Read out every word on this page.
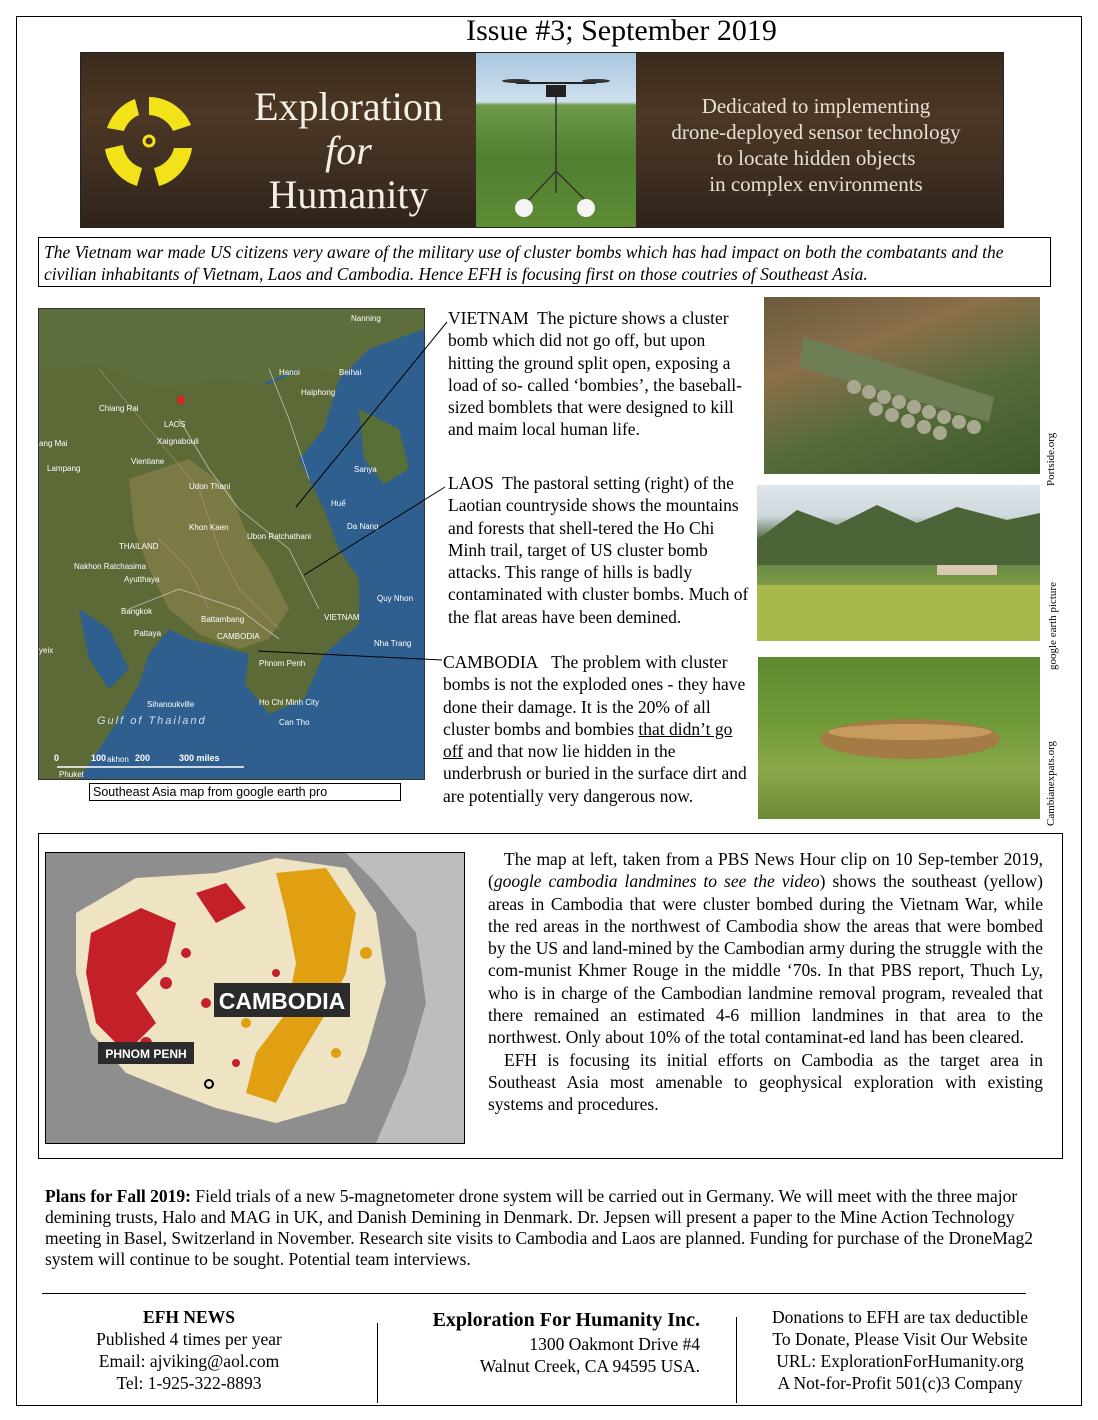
Issue #3; September 2019
Exploration
for
Humanity
Dedicated to implementing
drone-deployed sensor technology
to locate hidden objects
in complex environments
The Vietnam war made US citizens very aware of the military use of cluster bombs which has had impact on both the combatants and the civilian inhabitants of Vietnam, Laos and Cambodia. Hence EFH is focusing first on those coutries of Southeast Asia.
Nanning
Hanoi	Beihai
Haiphong
Chiang Rai
LAOS
Xaignabouli
ang Mai
Vientiane
Lampang	Sanya
Udon Thani
Huế
Da Nang
Khon Kaen
THAILAND
Ubon Ratchathani
Nakhon Ratchasima
Ayutthaya
Quy Nhon
Bangkok
Battambang	VIETNAM
Pattaya	CAMBODIA
Nha Trang
Phnom Penh
yeix
Sihanoukville	Ho Chi Minh City
Can Tho
Gulf of Thailand
Phuket
akhon
0	100	200	300 miles
Southeast Asia map from google earth pro
VIETNAM The picture shows a cluster bomb which did not go off, but upon hitting the ground split open, exposing a load of so- called ‘bombies’, the baseball-sized bomblets that were designed to kill and maim local human life.
LAOS The pastoral setting (right) of the Laotian countryside shows the mountains and forests that shell-tered the Ho Chi Minh trail, target of US cluster bomb attacks. This range of hills is badly contaminated with cluster bombs. Much of the flat areas have been demined.
CAMBODIA The problem with cluster bombs is not the exploded ones - they have done their damage. It is the 20% of all cluster bombs and bombies that didn’t go off and that now lie hidden in the underbrush or buried in the surface dirt and are potentially very dangerous now.
Portside.org
google earth picture
Cambianexpats.org
CAMBODIA
PHNOM PENH

The map at left, taken from a PBS News Hour clip on 10 Sep-tember 2019, (google cambodia landmines to see the video) shows the southeast (yellow) areas in Cambodia that were cluster bombed during the Vietnam War, while the red areas in the northwest of Cambodia show the areas that were bombed by the US and land-mined by the Cambodian army during the struggle with the com-munist Khmer Rouge in the middle ‘70s. In that PBS report, Thuch Ly, who is in charge of the Cambodian landmine removal program, revealed that there remained an estimated 4-6 million landmines in that area to the northwest. Only about 10% of the total contaminat-ed land has been cleared.

EFH is focusing its initial efforts on Cambodia as the target area in Southeast Asia most amenable to geophysical exploration with existing systems and procedures.

Plans for Fall 2019: Field trials of a new 5-magnetometer drone system will be carried out in Germany. We will meet with the three major demining trusts, Halo and MAG in UK, and Danish Demining in Denmark. Dr. Jepsen will present a paper to the Mine Action Technology meeting in Basel, Switzerland in November. Research site visits to Cambodia and Laos are planned. Funding for purchase of the DroneMag2 system will continue to be sought. Potential team interviews.
EFH NEWS
Published 4 times per year
Email: ajviking@aol.com
Tel: 1-925-322-8893
Exploration For Humanity Inc.
1300 Oakmont Drive #4
Walnut Creek, CA 94595 USA.
Donations to EFH are tax deductible
To Donate, Please Visit Our Website
URL: ExplorationForHumanity.org
A Not-for-Profit 501(c)3 Company
